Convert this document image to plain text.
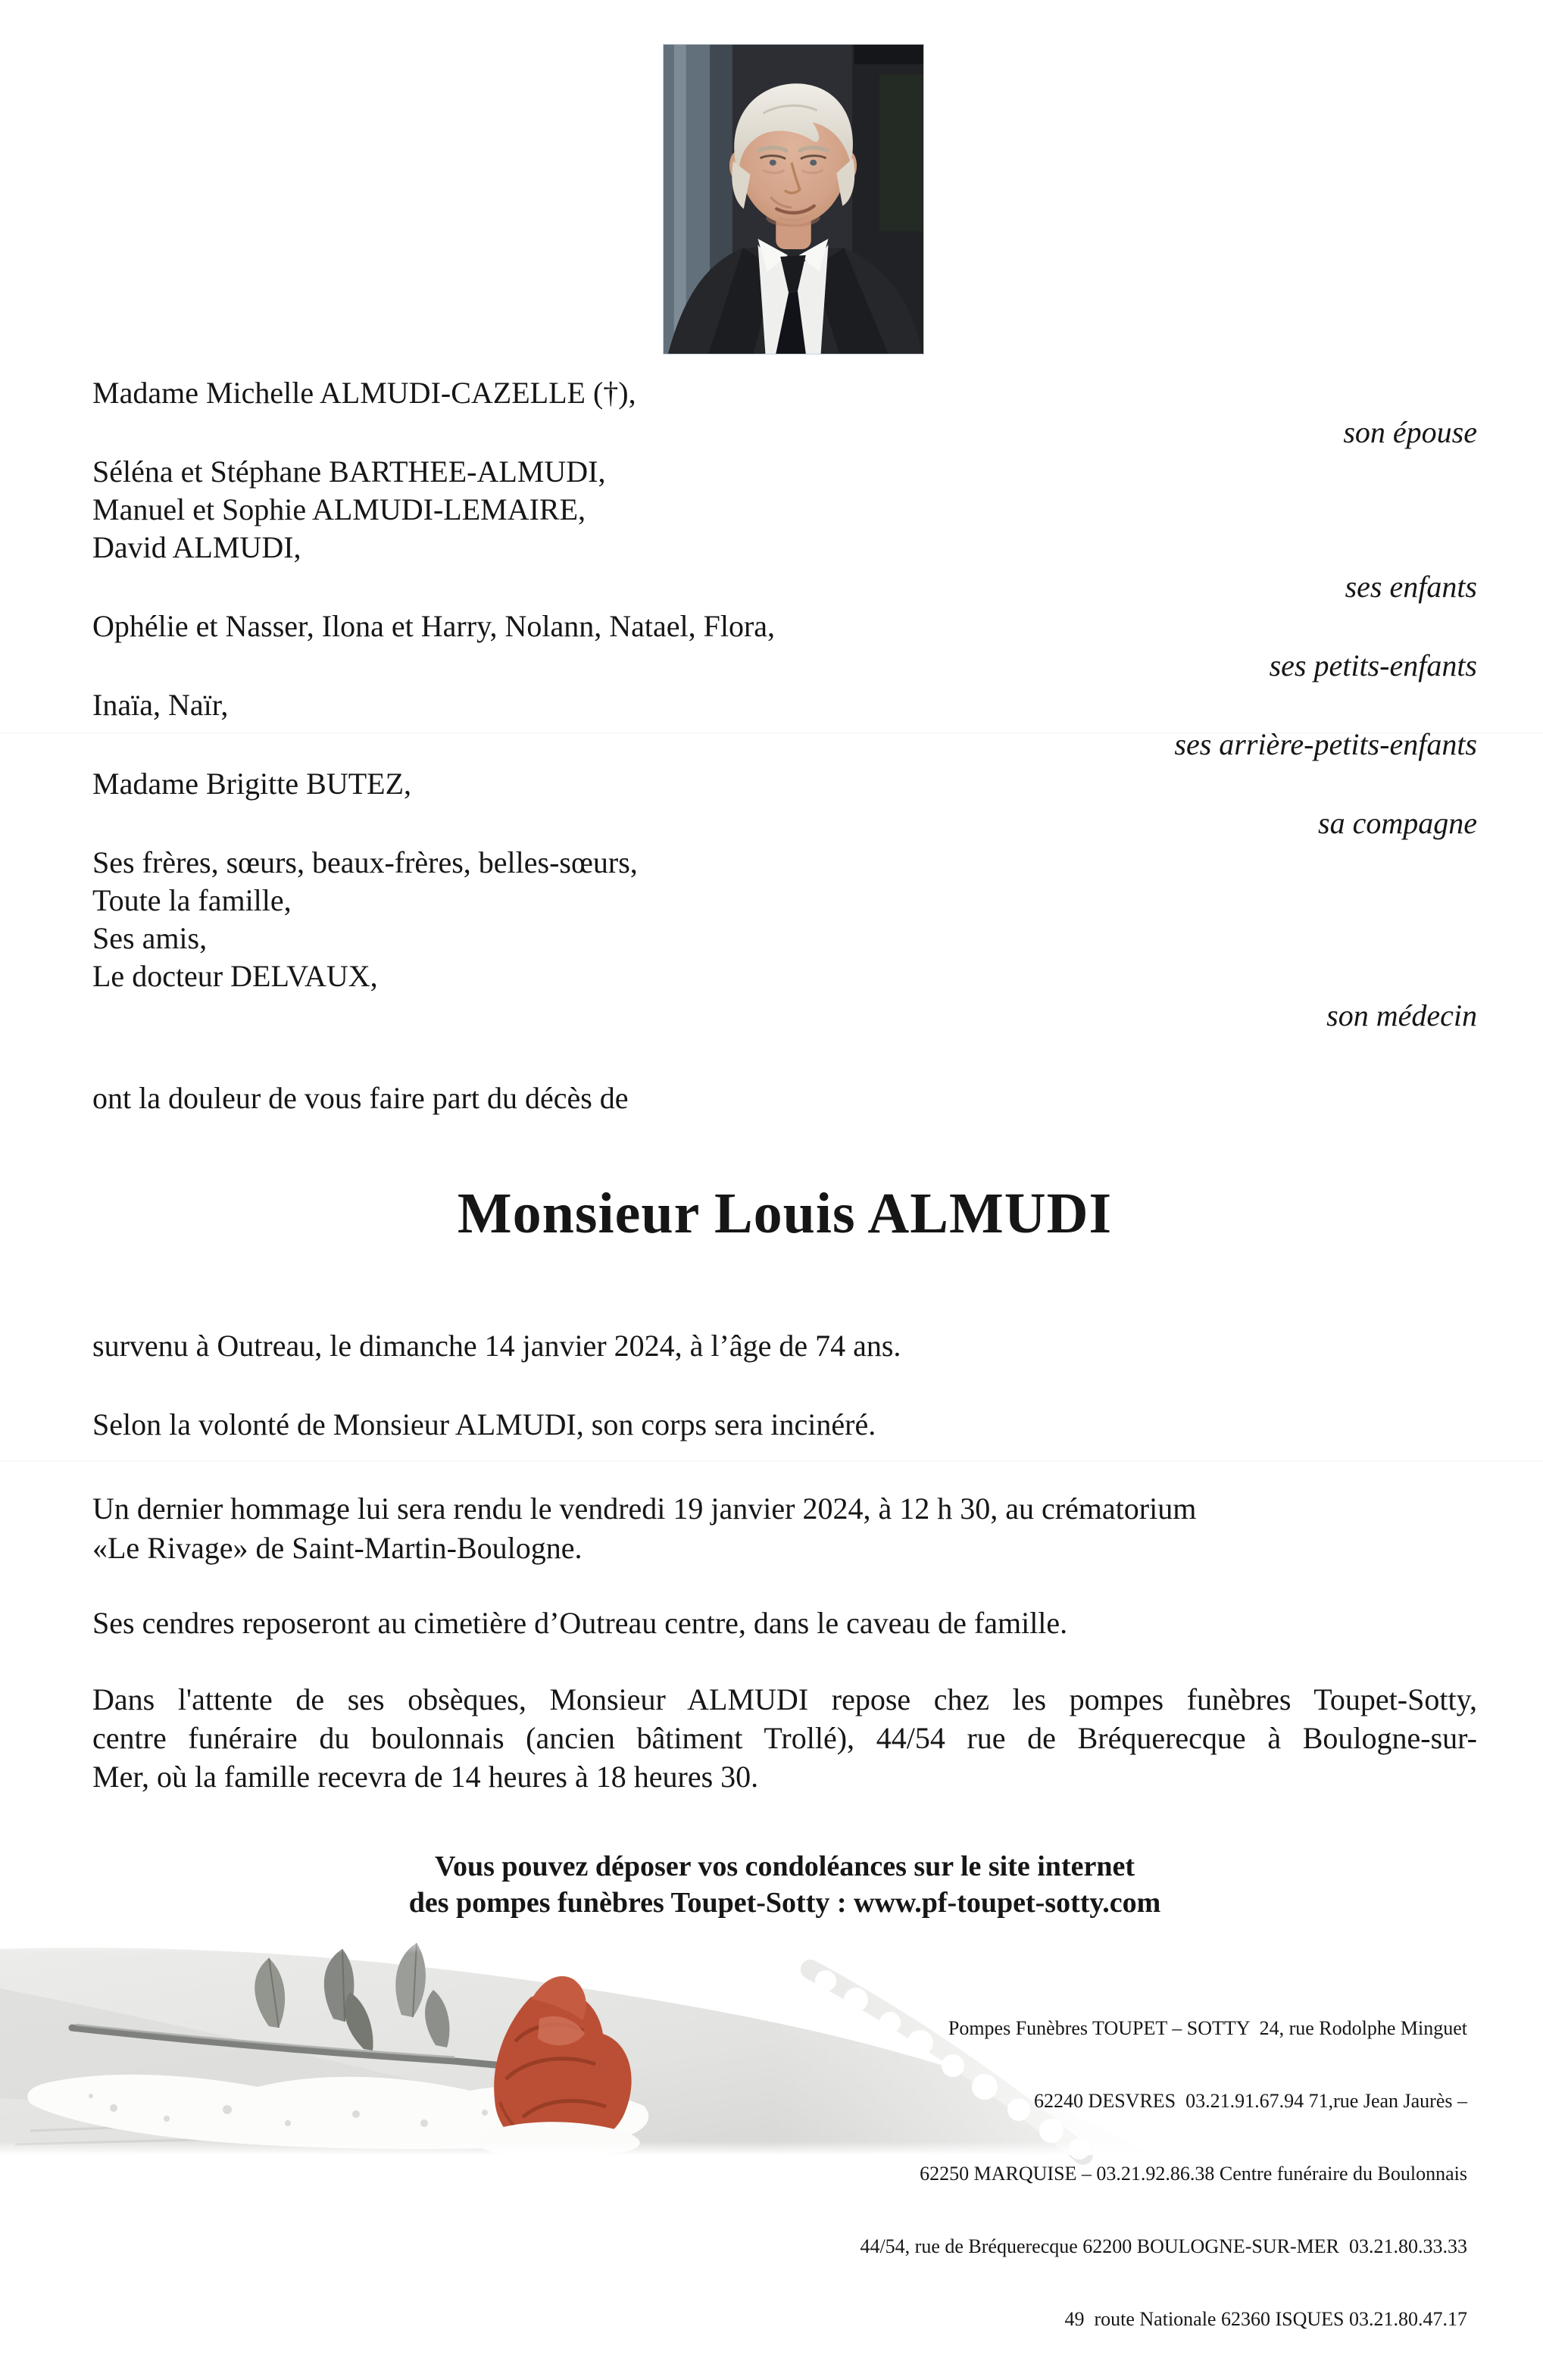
Madame Michelle ALMUDI-CAZELLE (†),
son épouse
Séléna et Stéphane BARTHEE-ALMUDI,
Manuel et Sophie ALMUDI-LEMAIRE,
David ALMUDI,
ses enfants
Ophélie et Nasser, Ilona et Harry, Nolann, Natael, Flora,
ses petits-enfants
Inaïa, Naïr,
ses arrière-petits-enfants
Madame Brigitte BUTEZ,
sa compagne
Ses frères, sœurs, beaux-frères, belles-sœurs,
Toute la famille,
Ses amis,
Le docteur DELVAUX,
son médecin
ont la douleur de vous faire part du décès de
Monsieur Louis ALMUDI
survenu à Outreau, le dimanche 14 janvier 2024, à l’âge de 74 ans.
Selon la volonté de Monsieur ALMUDI, son corps sera incinéré.
Un dernier hommage lui sera rendu le vendredi 19 janvier 2024, à 12 h 30, au crématorium
«Le Rivage» de Saint-Martin-Boulogne.
Ses cendres reposeront au cimetière d’Outreau centre, dans le caveau de famille.
Dans l'attente de ses obsèques, Monsieur ALMUDI repose chez les pompes funèbres Toupet-Sotty,
centre funéraire du boulonnais (ancien bâtiment Trollé), 44/54 rue de Bréquerecque à Boulogne-sur-
Mer, où la famille recevra de 14 heures à 18 heures 30.
Vous pouvez déposer vos condoléances sur le site internet
des pompes funèbres Toupet-Sotty : www.pf-toupet-sotty.com

Pompes Funèbres TOUPET – SOTTY  24, rue Rodolphe Minguet

62240 DESVRES  03.21.91.67.94 71,rue Jean Jaurès –

62250 MARQUISE – 03.21.92.86.38 Centre funéraire du Boulonnais

44/54, rue de Bréquerecque 62200 BOULOGNE-SUR-MER  03.21.80.33.33

49  route Nationale 62360 ISQUES 03.21.80.47.17
